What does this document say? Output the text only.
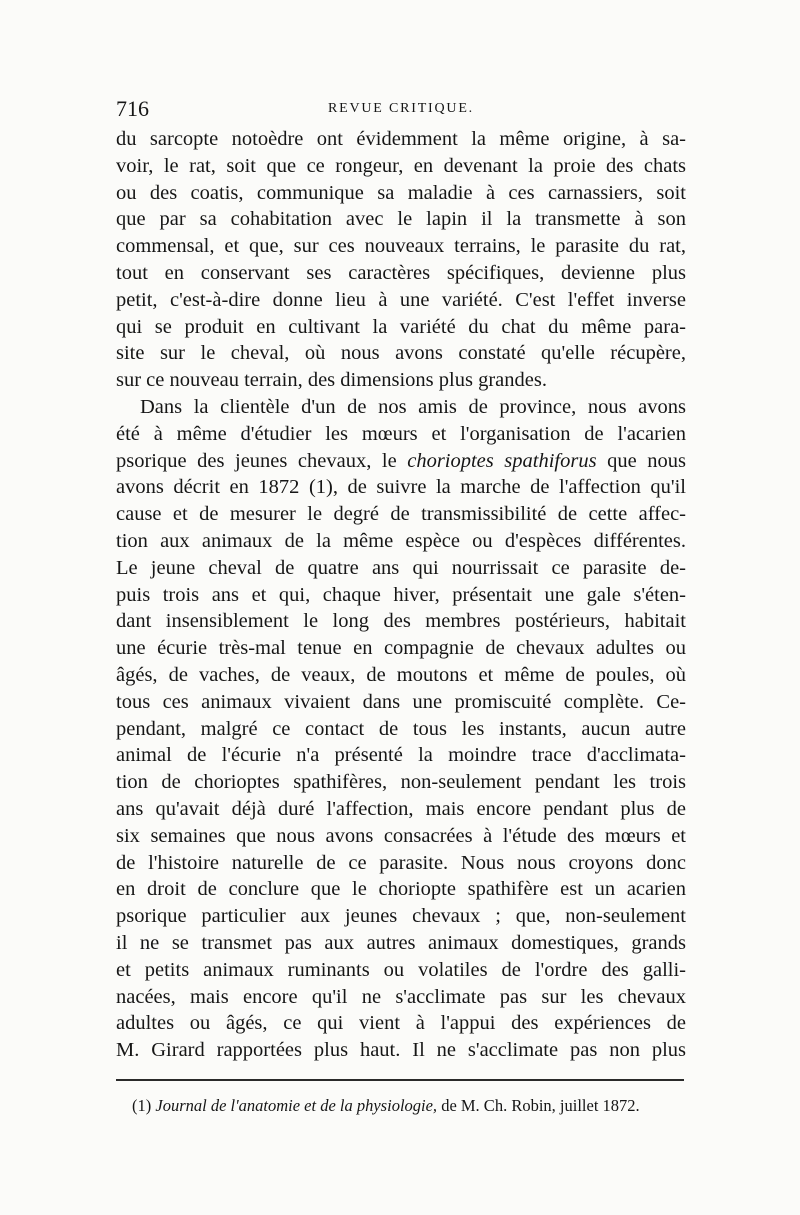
716	REVUE CRITIQUE.
du sarcopte notoèdre ont évidemment la même origine, à sa-
voir, le rat, soit que ce rongeur, en devenant la proie des chats
ou des coatis, communique sa maladie à ces carnassiers, soit
que par sa cohabitation avec le lapin il la transmette à son
commensal, et que, sur ces nouveaux terrains, le parasite du rat,
tout en conservant ses caractères spécifiques, devienne plus
petit, c'est-à-dire donne lieu à une variété. C'est l'effet inverse
qui se produit en cultivant la variété du chat du même para-
site sur le cheval, où nous avons constaté qu'elle récupère,
sur ce nouveau terrain, des dimensions plus grandes.
Dans la clientèle d'un de nos amis de province, nous avons
été à même d'étudier les mœurs et l'organisation de l'acarien
psorique des jeunes chevaux, le chorioptes spathiforus que nous
avons décrit en 1872 (1), de suivre la marche de l'affection qu'il
cause et de mesurer le degré de transmissibilité de cette affec-
tion aux animaux de la même espèce ou d'espèces différentes.
Le jeune cheval de quatre ans qui nourrissait ce parasite de-
puis trois ans et qui, chaque hiver, présentait une gale s'éten-
dant insensiblement le long des membres postérieurs, habitait
une écurie très-mal tenue en compagnie de chevaux adultes ou
âgés, de vaches, de veaux, de moutons et même de poules, où
tous ces animaux vivaient dans une promiscuité complète. Ce-
pendant, malgré ce contact de tous les instants, aucun autre
animal de l'écurie n'a présenté la moindre trace d'acclimata-
tion de chorioptes spathifères, non-seulement pendant les trois
ans qu'avait déjà duré l'affection, mais encore pendant plus de
six semaines que nous avons consacrées à l'étude des mœurs et
de l'histoire naturelle de ce parasite. Nous nous croyons donc
en droit de conclure que le choriopte spathifère est un acarien
psorique particulier aux jeunes chevaux ; que, non-seulement
il ne se transmet pas aux autres animaux domestiques, grands
et petits animaux ruminants ou volatiles de l'ordre des galli-
nacées, mais encore qu'il ne s'acclimate pas sur les chevaux
adultes ou âgés, ce qui vient à l'appui des expériences de
M. Girard rapportées plus haut. Il ne s'acclimate pas non plus
(1) Journal de l'anatomie et de la physiologie, de M. Ch. Robin, juillet 1872.
